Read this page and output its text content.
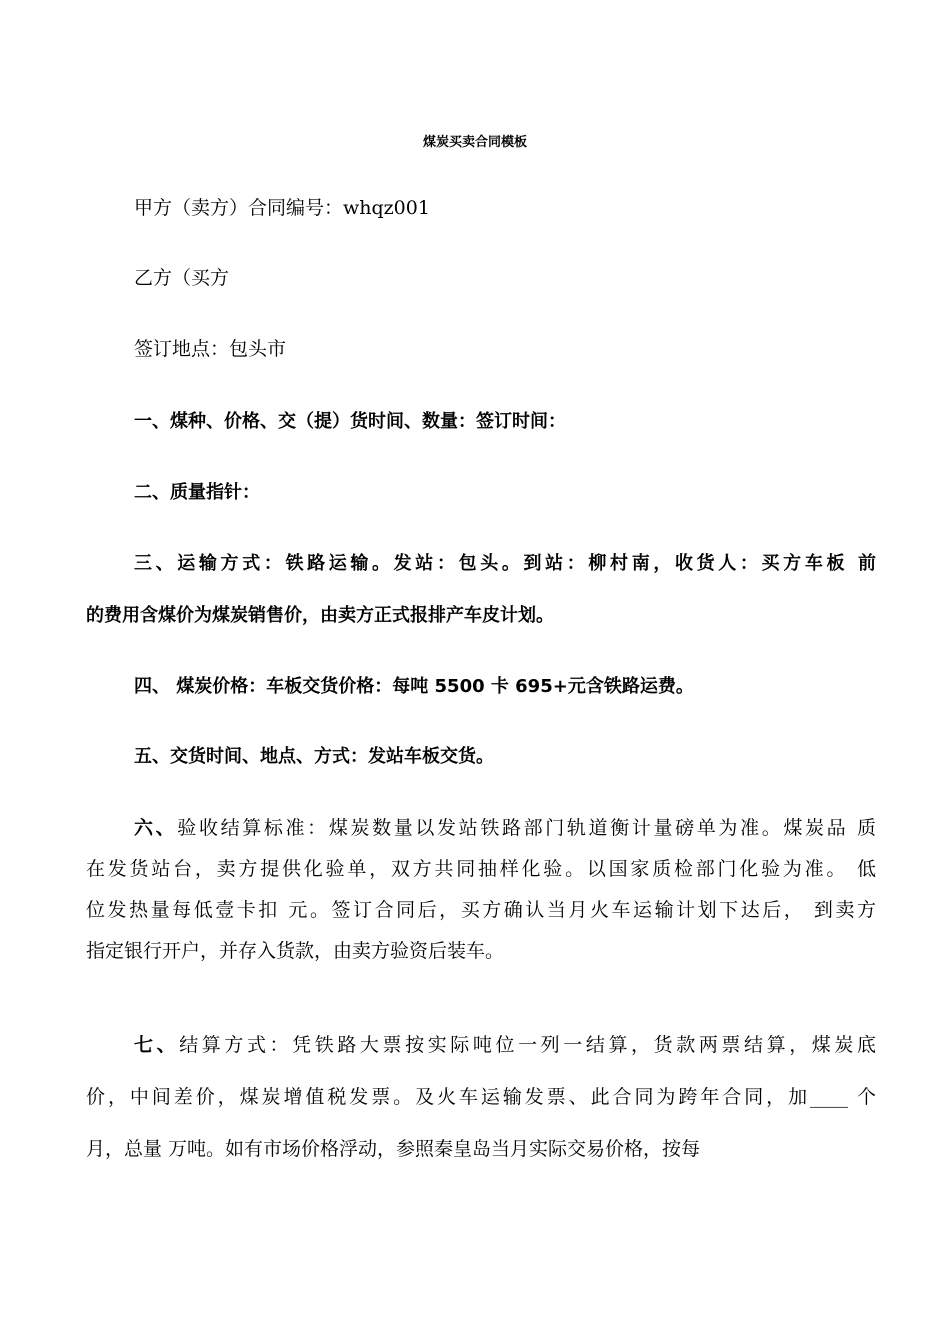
煤炭买卖合同模板
甲方（卖方）合同编号：whqz001
乙方（买方
签订地点：包头市
一、煤种、价格、交（提）货时间、数量：签订时间：
二、质量指针：
三、运输方式：铁路运输。发站：包头。到站：柳村南，收货人：买方车板 前
的费用含煤价为煤炭销售价，由卖方正式报排产车皮计划。
四、 煤炭价格：车板交货价格：每吨 5500 卡 695+元含铁路运费。
五、交货时间、地点、方式：发站车板交货。
六、验收结算标准：煤炭数量以发站铁路部门轨道衡计量磅单为准。煤炭品 质
在发货站台，卖方提供化验单，双方共同抽样化验。以国家质检部门化验为准。 低
位发热量每低壹卡扣 元。签订合同后，买方确认当月火车运输计划下达后， 到卖方
指定银行开户，并存入货款，由卖方验资后装车。
七、结算方式：凭铁路大票按实际吨位一列一结算，货款两票结算，煤炭底
价，中间差价，煤炭增值税发票。及火车运输发票、此合同为跨年合同，加____ 个
月，总量 万吨。如有市场价格浮动，参照秦皇岛当月实际交易价格，按每
